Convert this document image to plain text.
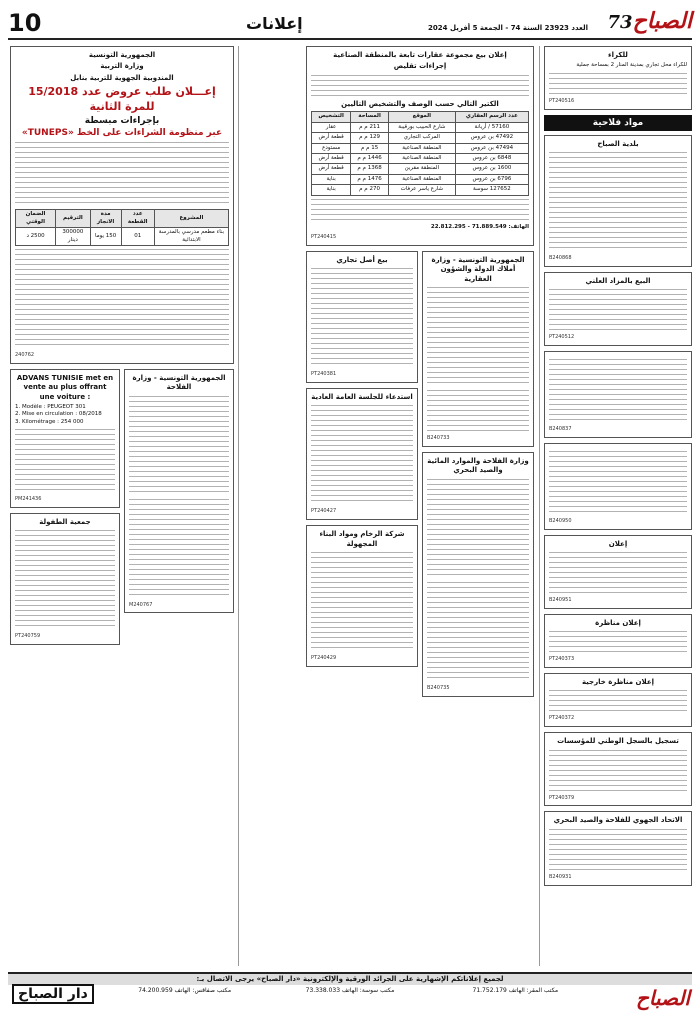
10	إعلانات	العدد 23923 السنة 74 - الجمعة 5 أفريل 2024	73الصباح
للكراء
للكراء محل تجاري بمدينة المنار 2 بمساحة جملية
PT240516
مواد فلاحية
بلدية الصباح
B240868
البيع بالمزاد العلني
PT240512
B240837
B240950
إعلان
B240951
إعلان مناظرة
PT240373
إعلان مناظرة خارجية
PT240372
تسجيل بالسجل الوطني للمؤسسات
PT240379
الاتحاد الجهوي للفلاحة والصيد البحري
B240931
إعلان بيع مجموعة عقارات تابعة بالمنطقة الصناعية
إجراءات تقليص
الكتير التالي حسب الوصف والتشخيص التاليين
عدد الرسم العقاري	الموقع	المساحة	التشخيص
57160 / أريانة	شارع الحبيب بورقيبة	211 م م	عقار
47492 بن عروس	المركب التجاري	129 م م	قطعة أرض
47494 بن عروس	المنطقة الصناعية	15 م م	مستودع
6848 بن عروس	المنطقة الصناعية	1446 م م	قطعة أرض
1600 بن عروس	المنطقة مقرين	1368 م م	قطعة أرض
6796 بن عروس	المنطقة الصناعية	1476 م م	بناية
127652 سوسة	شارع ياسر عرفات	270 م م	بناية
الهاتف: 71.889.549 - 22.812.295
PT240415
بيع أصل تجاري
PT240381
استدعاء للجلسة العامة العادية
PT240427
شركة الرخام ومواد البناء المجهولة
PT240429
الجمهورية التونسية - وزارة أملاك الدولة والشؤون العقارية
B240733
وزارة الفلاحة والموارد المائية والصيد البحري
B240735
الجمهورية التونسية
وزارة التربية
المندوبية الجهوية للتربية بنابل
إعـــلان طلب عروض عدد 15/2018 للمرة الثانية
بإجراءات مبسطة
عبر منظومة الشراءات على الخط «TUNEPS»
المشروع	عدد القطعة	مدة الانجاز	الترقيم	الضمان الوقتي
بناء مطعم مدرسي بالمدرسة الابتدائية	01	150 يوما	300000 دينار	2500 د
240762
ADVANS TUNISIE met en vente au plus offrant une voiture :
1. Modèle : PEUGEOT 301
2. Mise en circulation : 08/2018
3. Kilométrage : 254 000
PM241436
جمعية الطفولة
PT240759
الجمهورية التونسية - وزارة الفلاحة
M240767
لجميع إعلاناتكم الإشهارية على الجرائد الورقية والإلكترونية «دار الصباح» يرجى الاتصال بـ:
مكتب المقر: الهاتف 71.752.179
مكتب سوسة: الهاتف 73.338.033
مكتب صفاقس: الهاتف 74.200.959	الصباح
دار الصباح
